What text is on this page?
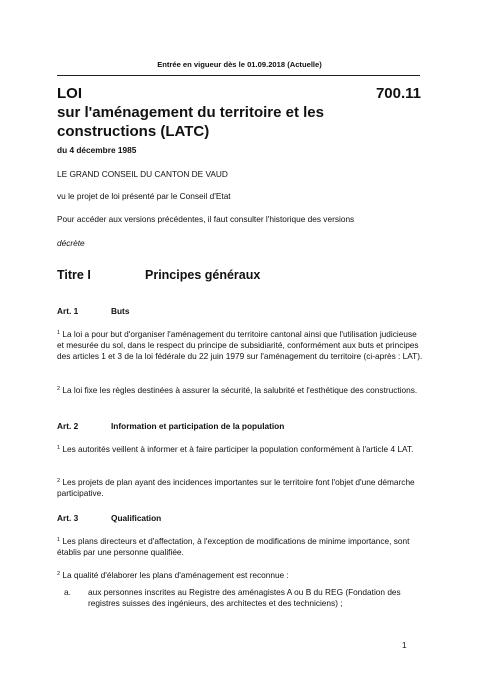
Entrée en vigueur dès le 01.09.2018 (Actuelle)
LOI	700.11
sur l'aménagement du territoire et les constructions (LATC)
du 4 décembre 1985
LE GRAND CONSEIL DU CANTON DE VAUD
vu le projet de loi présenté par le Conseil d'Etat
Pour accéder aux versions précédentes, il faut consulter l'historique des versions
décrète
Titre I	Principes généraux
Art. 1	Buts
$^1$ La loi a pour but d'organiser l'aménagement du territoire cantonal ainsi que l'utilisation judicieuse et mesurée du sol, dans le respect du principe de subsidiarité, conformément aux buts et principes des articles 1 et 3 de la loi fédérale du 22 juin 1979 sur l'aménagement du territoire (ci-après : LAT).
$^2$ La loi fixe les règles destinées à assurer la sécurité, la salubrité et l'esthétique des constructions.
Art. 2	Information et participation de la population
$^1$ Les autorités veillent à informer et à faire participer la population conformément à l'article 4 LAT.
$^2$ Les projets de plan ayant des incidences importantes sur le territoire font l'objet d'une démarche participative.
Art. 3	Qualification
$^1$ Les plans directeurs et d'affectation, à l'exception de modifications de minime importance, sont établis par une personne qualifiée.
$^2$ La qualité d'élaborer les plans d'aménagement est reconnue :
a.	aux personnes inscrites au Registre des aménagistes A ou B du REG (Fondation des registres suisses des ingénieurs, des architectes et des techniciens) ;
1
